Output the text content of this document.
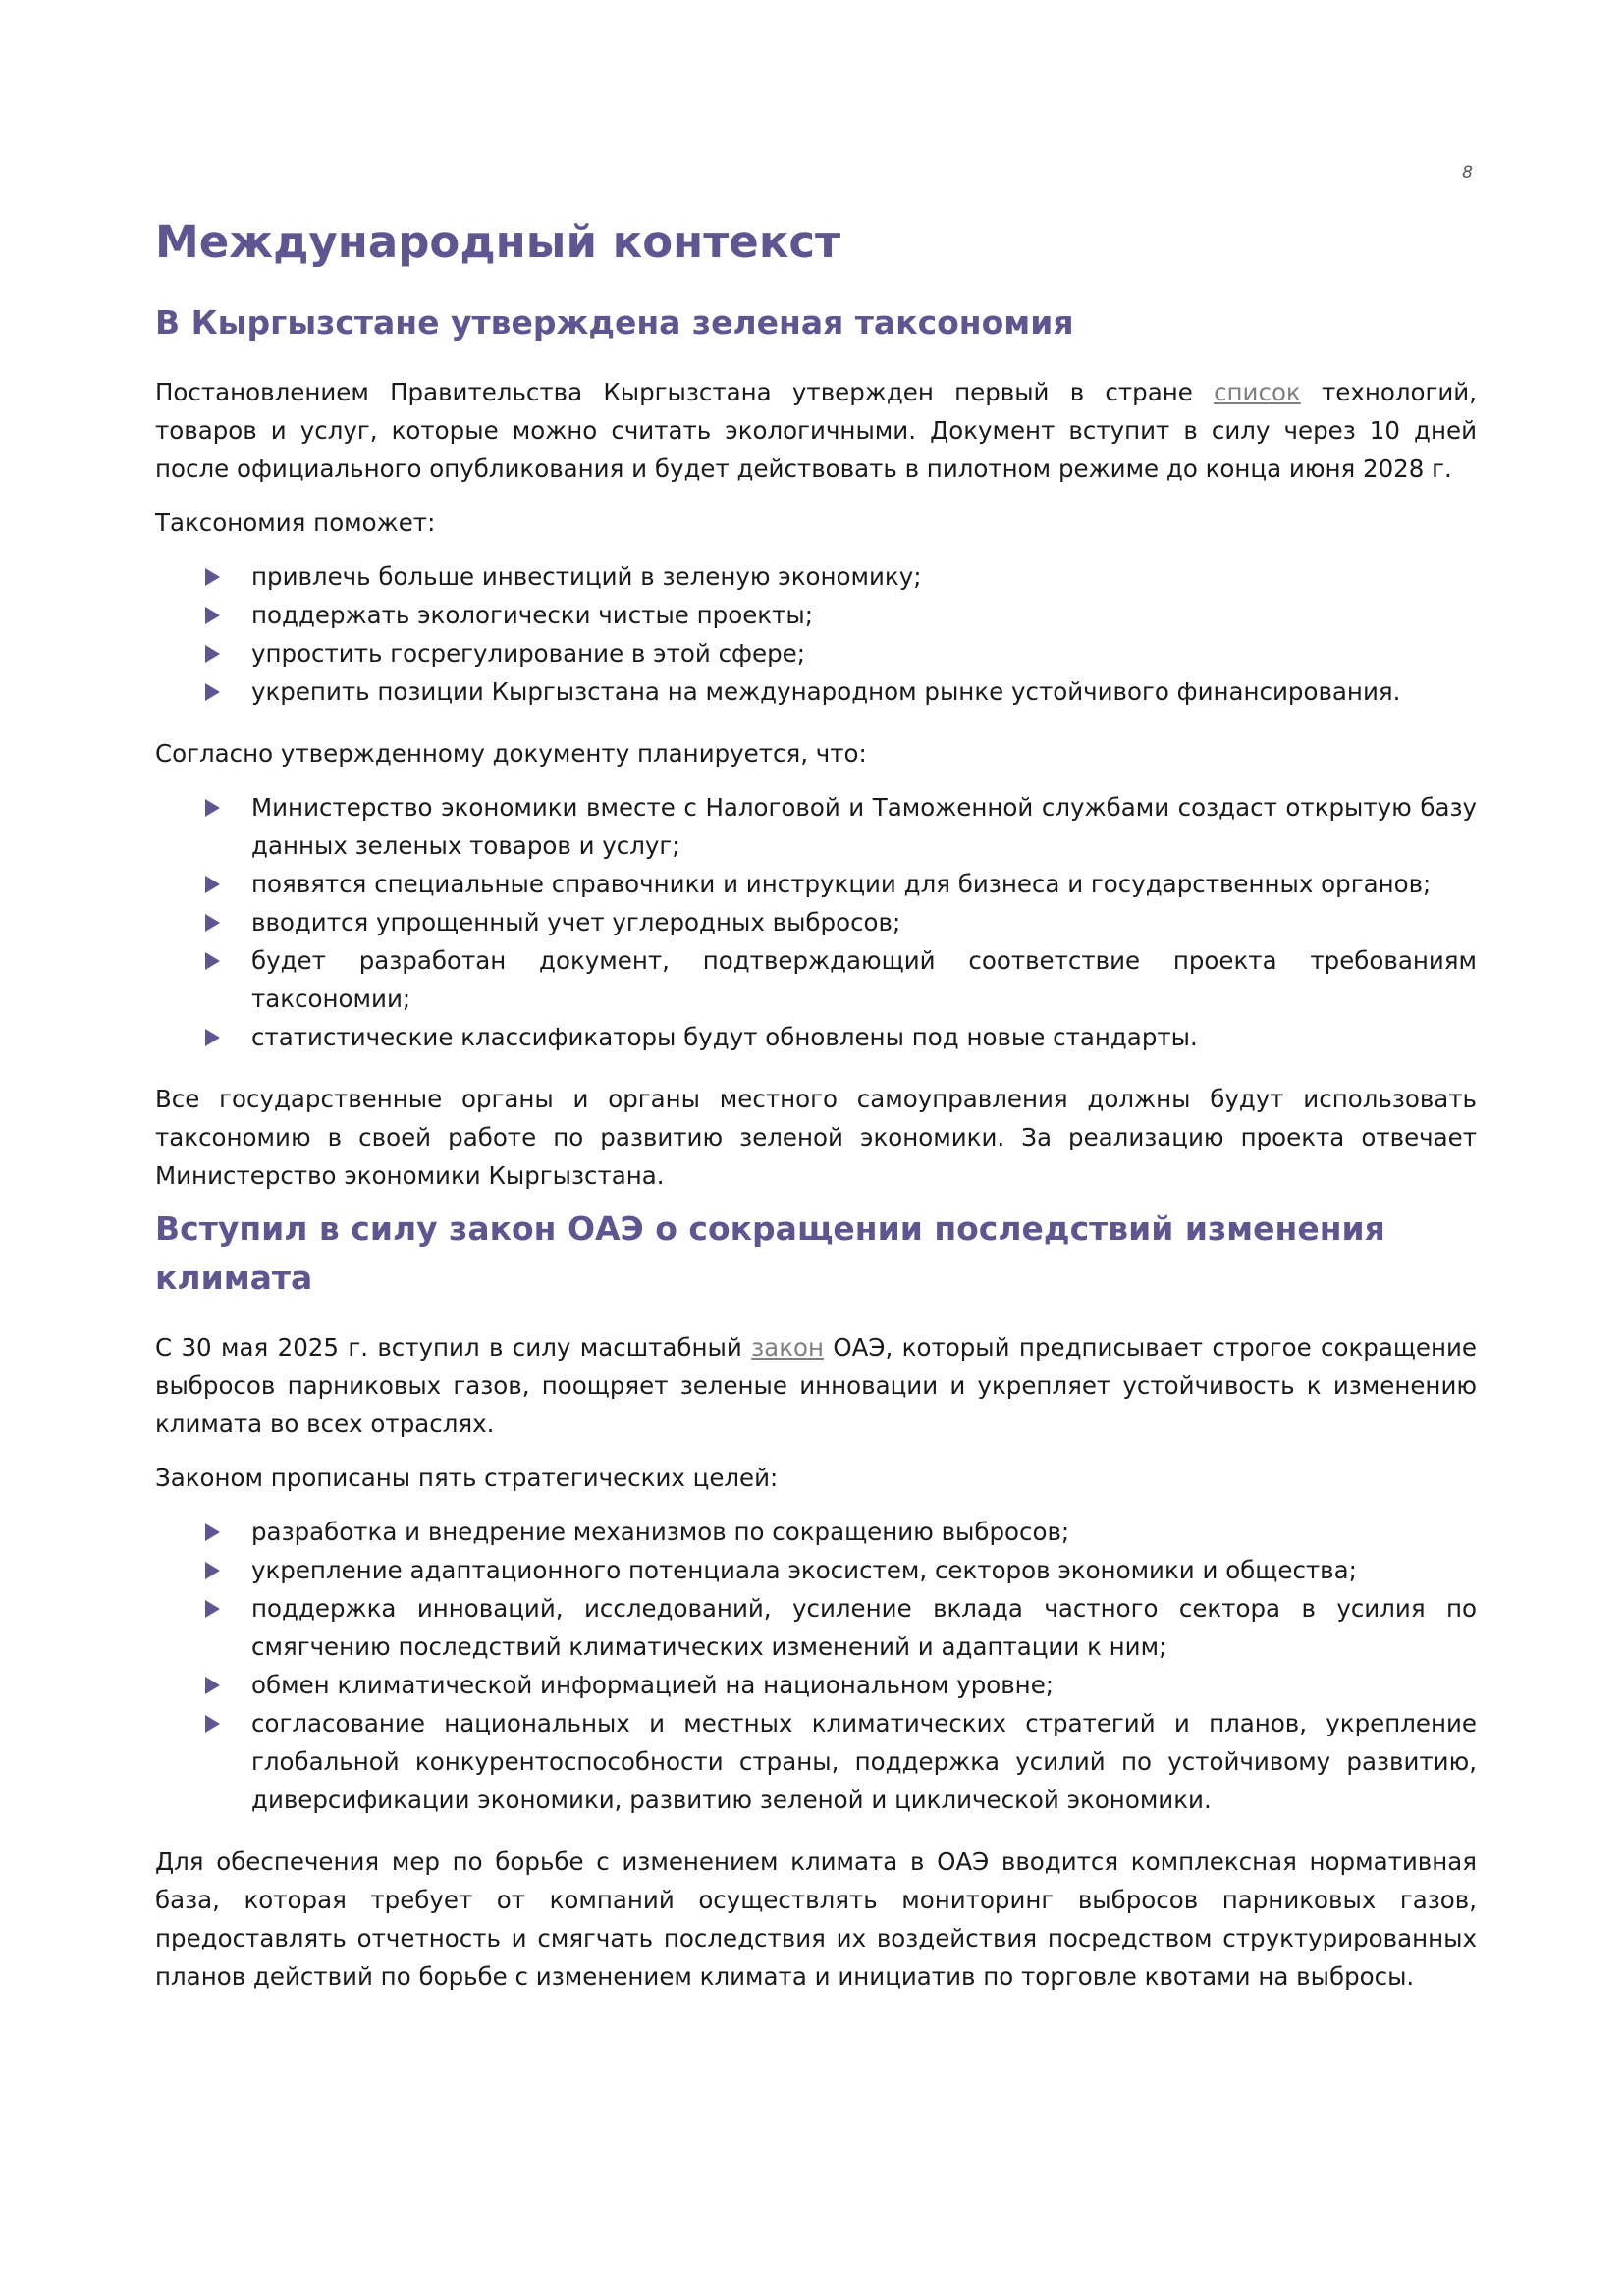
8
Международный контекст
В Кыргызстане утверждена зеленая таксономия

Постановлением Правительства Кыргызстана утвержден первый в стране список технологий, товаров и услуг, которые можно считать экологичными. Документ вступит в силу через 10 дней после официального опубликования и будет действовать в пилотном режиме до конца июня 2028 г.

Таксономия поможет:

привлечь больше инвестиций в зеленую экономику;
поддержать экологически чистые проекты;
упростить госрегулирование в этой сфере;
укрепить позиции Кыргызстана на международном рынке устойчивого финансирования.

Согласно утвержденному документу планируется, что:

Министерство экономики вместе с Налоговой и Таможенной службами создаст открытую базу данных зеленых товаров и услуг;
появятся специальные справочники и инструкции для бизнеса и государственных органов;
вводится упрощенный учет углеродных выбросов;
будет разработан документ, подтверждающий соответствие проекта требованиям таксономии;
статистические классификаторы будут обновлены под новые стандарты.

Все государственные органы и органы местного самоуправления должны будут использовать таксономию в своей работе по развитию зеленой экономики. За реализацию проекта отвечает Министерство экономики Кыргызстана.

Вступил в силу закон ОАЭ о сокращении последствий изменения климата

С 30 мая 2025 г. вступил в силу масштабный закон ОАЭ, который предписывает строгое сокращение выбросов парниковых газов, поощряет зеленые инновации и укрепляет устойчивость к изменению климата во всех отраслях.

Законом прописаны пять стратегических целей:

разработка и внедрение механизмов по сокращению выбросов;
укрепление адаптационного потенциала экосистем, секторов экономики и общества;
поддержка инноваций, исследований, усиление вклада частного сектора в усилия по смягчению последствий климатических изменений и адаптации к ним;
обмен климатической информацией на национальном уровне;
согласование национальных и местных климатических стратегий и планов, укрепление глобальной конкурентоспособности страны, поддержка усилий по устойчивому развитию, диверсификации экономики, развитию зеленой и циклической экономики.

Для обеспечения мер по борьбе с изменением климата в ОАЭ вводится комплексная нормативная база, которая требует от компаний осуществлять мониторинг выбросов парниковых газов, предоставлять отчетность и смягчать последствия их воздействия посредством структурированных планов действий по борьбе с изменением климата и инициатив по торговле квотами на выбросы.
